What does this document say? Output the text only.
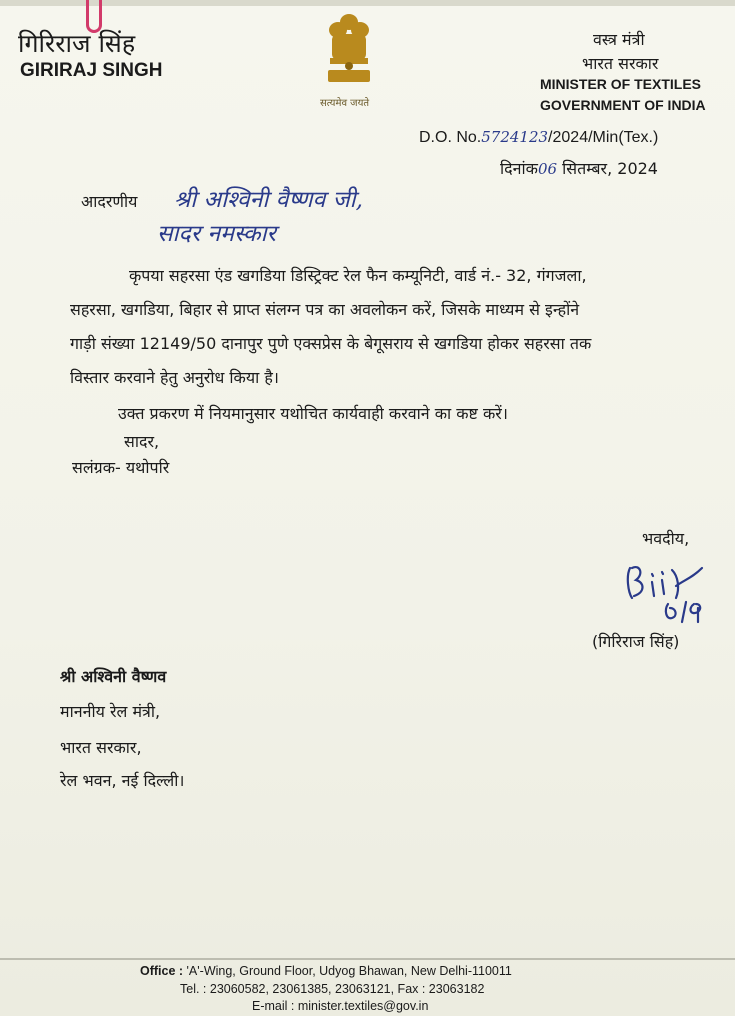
गिरिराज सिंह
GIRIRAJ SINGH
सत्यमेव जयते
वस्त्र मंत्री
भारत सरकार
MINISTER OF TEXTILES
GOVERNMENT OF INDIA
D.O. No.5724123/2024/Min(Tex.)
दिनांक06 सितम्बर, 2024
आदरणीय श्री अश्विनी वैष्णव जी,
सादर नमस्कार
कृपया सहरसा एंड खगडिया डिस्ट्रिक्ट रेल फैन कम्यूनिटी, वार्ड नं.- 32, गंगजला,
सहरसा, खगडिया, बिहार से प्राप्त संलग्न पत्र का अवलोकन करें, जिसके माध्यम से इन्होंने
गाड़ी संख्या 12149/50 दानापुर पुणे एक्सप्रेस के बेगूसराय से खगडिया होकर सहरसा तक
विस्तार करवाने हेतु अनुरोध किया है।
उक्त प्रकरण में नियमानुसार यथोचित कार्यवाही करवाने का कष्ट करें।
सादर,
सलंग्रक- यथोपरि
भवदीय,
(गिरिराज सिंह)
श्री अश्विनी वैष्णव
माननीय रेल मंत्री,
भारत सरकार,
रेल भवन, नई दिल्ली।
Office : 'A'-Wing, Ground Floor, Udyog Bhawan, New Delhi-110011
Tel. : 23060582, 23061385, 23063121, Fax : 23063182
E-mail : minister.textiles@gov.in
